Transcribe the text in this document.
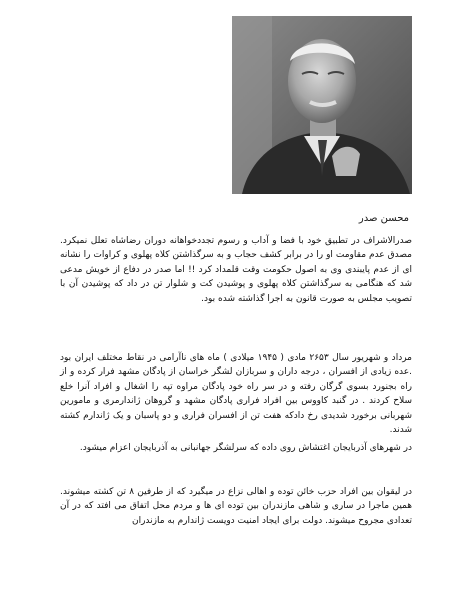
محسن صدر

صدرالاشراف در تطبیق خود با فضا و آداب و رسوم تجددخواهانه دوران رضاشاه تعلل نمیکرد. مصدق عدم مقاومت او را در برابر کشف حجاب و به سرگذاشتن کلاه پهلوی و کراوات را نشانه ای از عدم پایبندی وی به اصول حکومت وقت قلمداد کرد !! اما صدر در دفاع از خویش مدعی شد که هنگامی به سرگذاشتن کلاه پهلوی و پوشیدن کت و شلوار تن در داد که پوشیدن آن با تصویب مجلس به صورت قانون به اجرا گذاشته شده بود.

مرداد و شهریور سال ۲۶۵۳ مادی ( ۱۹۴۵ میلادی ) ماه های ناآرامی در نقاط مختلف ایران بود .عده زیادی از افسران ، درجه داران و سربازان لشگر خراسان از پادگان مشهد فرار کرده و از راه بجنورد بسوی گرگان رفته و در سر راه خود پادگان مراوه تپه را اشغال و افراد آنرا خلع سلاح کردند . در گنبد کاووس بین افراد فراری پادگان مشهد و گروهان ژاندارمری و مامورین شهربانی برخورد شدیدی رخ دادکه هفت تن از افسران فراری و دو پاسبان و یک ژاندارم کشته شدند.

در شهرهای آذربایجان اغتشاش روی داده که سرلشگر جهانبانی به آذربایجان اعزام میشود.

در لیقوان بین افراد حزب خائن توده و اهالی نزاع در میگیرد که از طرفین ۸ تن کشته میشوند. همین ماجرا در ساری و شاهی مازندران بین توده ای ها و مردم محل اتفاق می افتد که در آن تعدادی مجروح میشوند. دولت برای ایجاد امنیت دویست ژاندارم به مازندران
